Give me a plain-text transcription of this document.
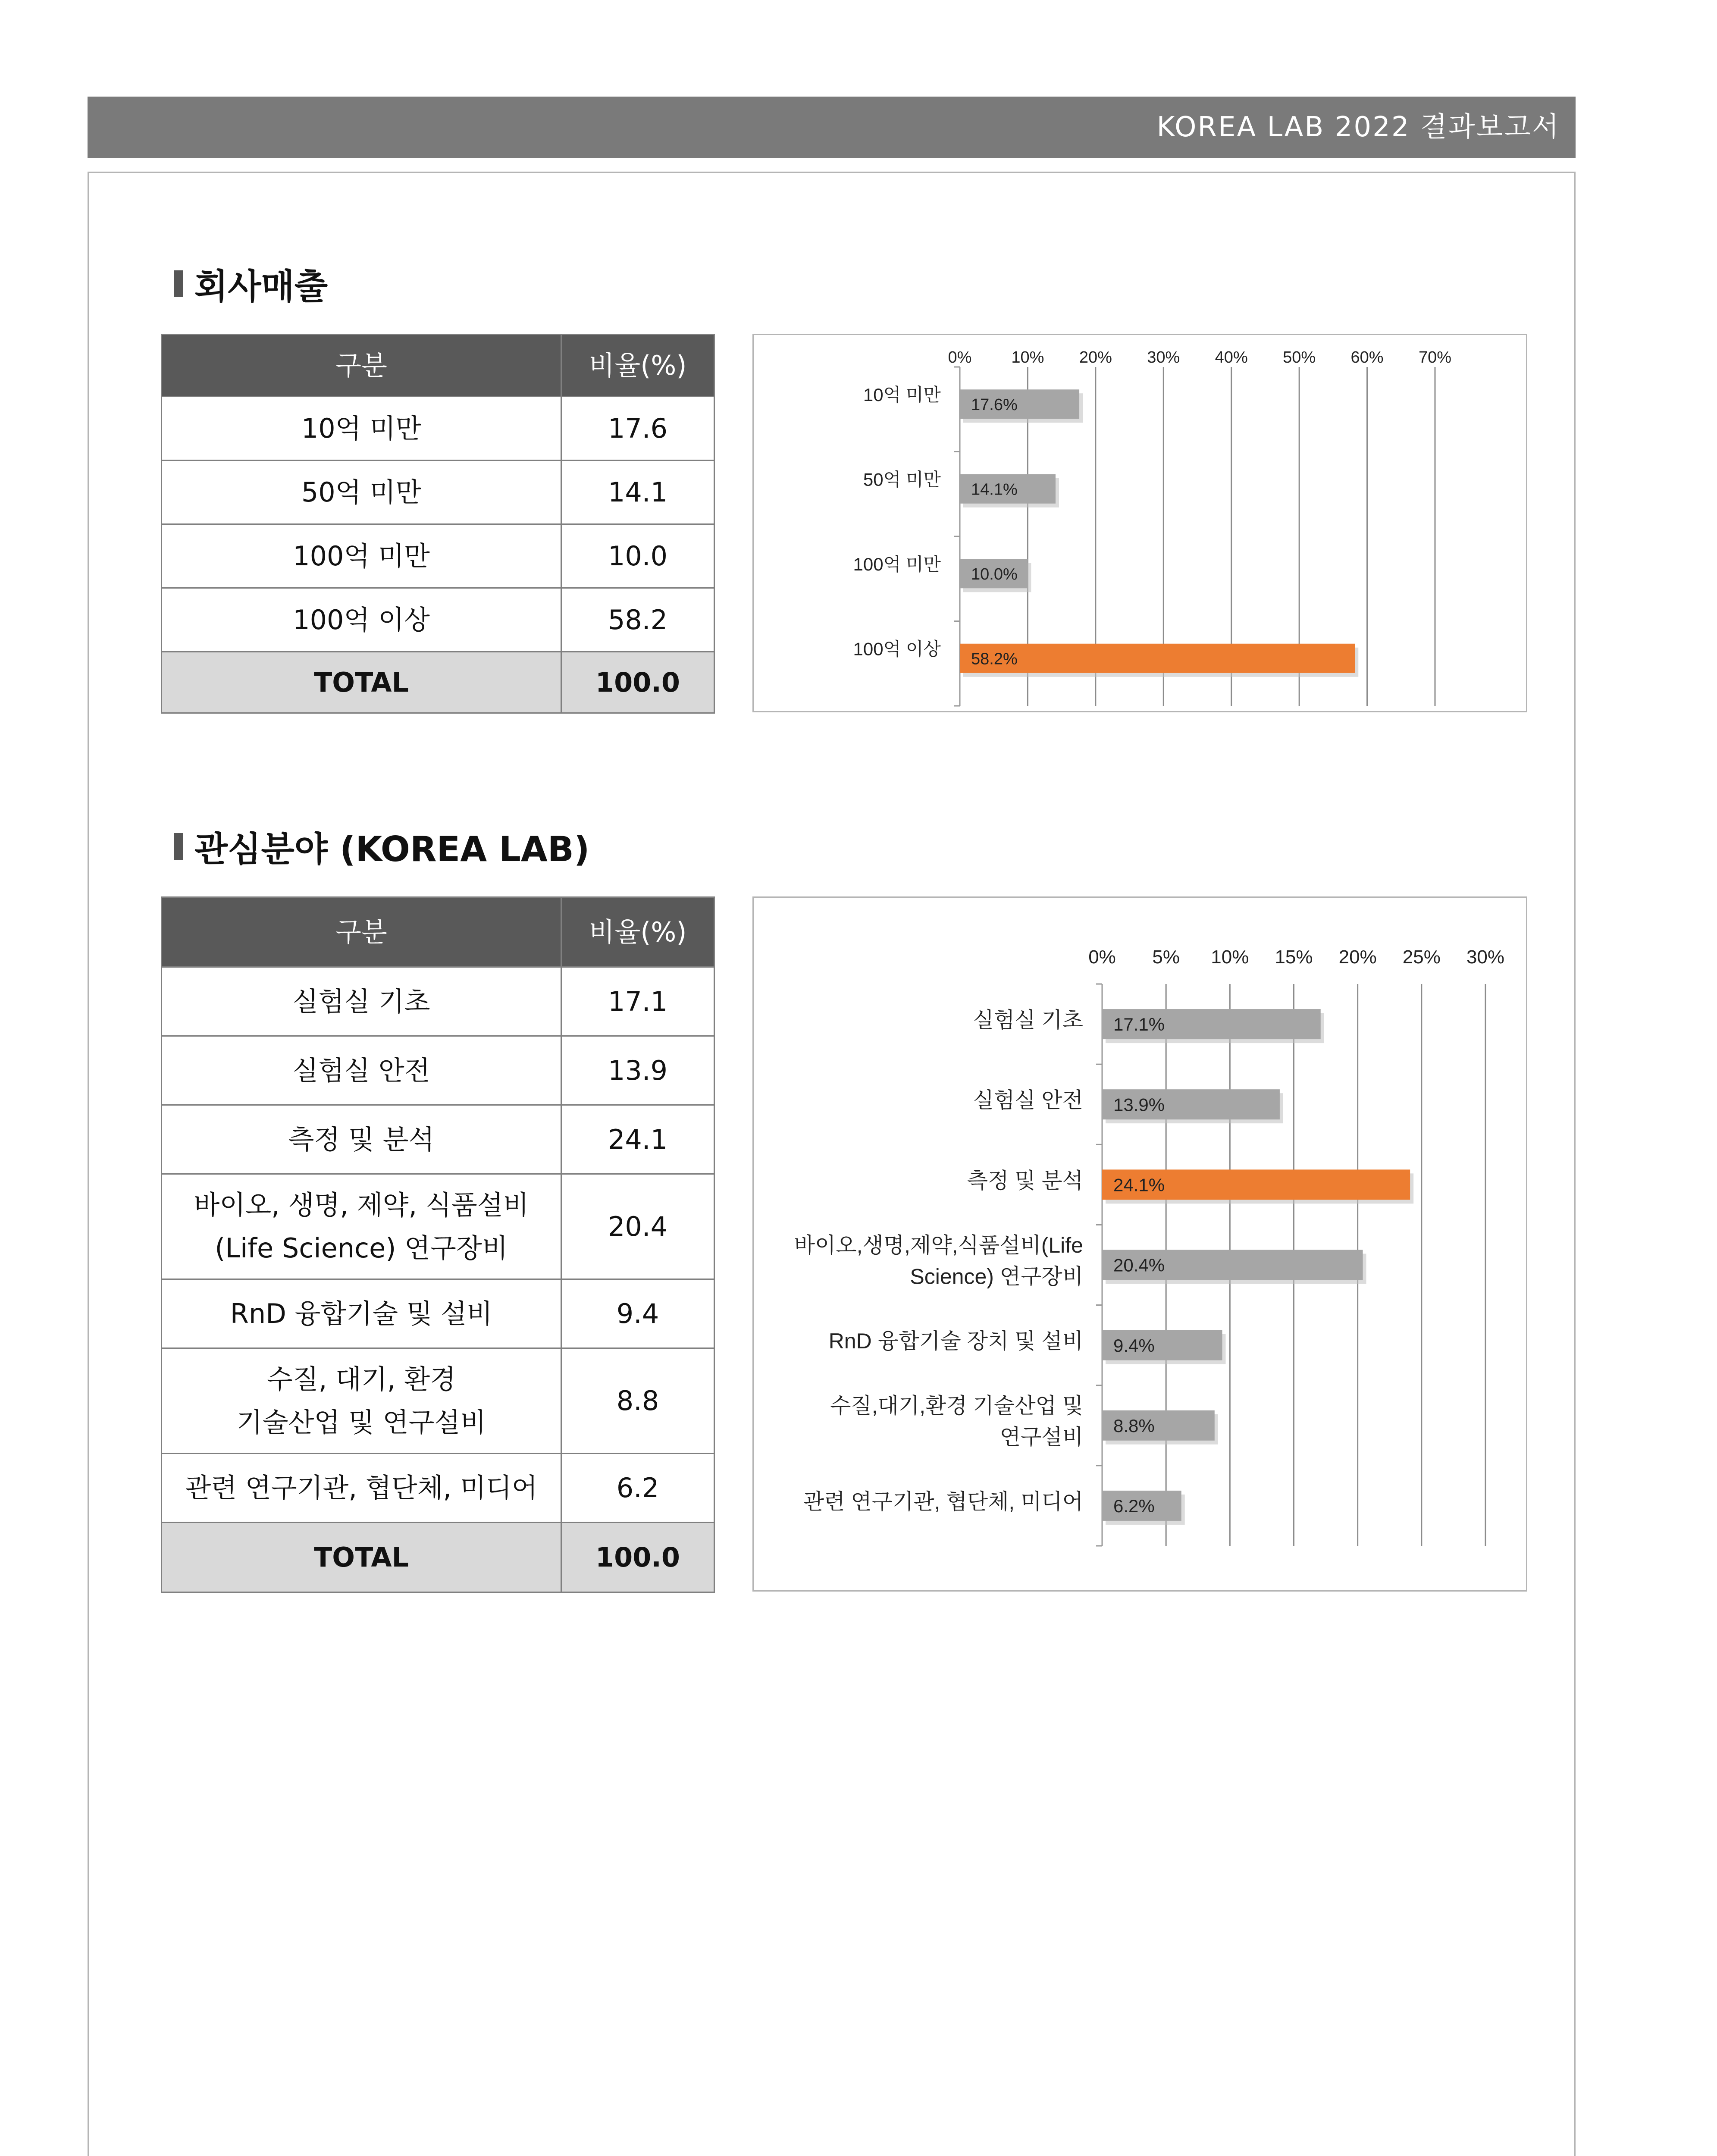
KOREA LAB 2022 결과보고서
회사매출
구분	비율(%)
10억 미만	17.6
50억 미만	14.1
100억 미만	10.0
100억 이상	58.2
TOTAL	100.0
0% 10% 20% 30% 40% 50% 60% 70%
17.6%
10억 미만
14.1%
50억 미만
10.0%
100억 미만
58.2%
100억 이상
관심분야 (KOREA LAB)
구분	비율(%)
실험실 기초	17.1
실험실 안전	13.9
측정 및 분석	24.1

바이오, 생명, 제약, 식품설비
(Life Science) 연구장비	20.4
RnD 융합기술 및 설비	9.4

수질, 대기, 환경
기술산업 및 연구설비	8.8
관련 연구기관, 협단체, 미디어	6.2
TOTAL	100.0
0% 5% 10% 15% 20% 25% 30%
17.1%
실험실 기초
13.9%
실험실 안전
24.1%
측정 및 분석
20.4%
바이오,생명,제약,식품설비(Life
Science) 연구장비
9.4%
RnD 융합기술 장치 및 설비
8.8%
수질,대기,환경 기술산업 및
연구설비
6.2%
관련 연구기관, 협단체, 미디어
